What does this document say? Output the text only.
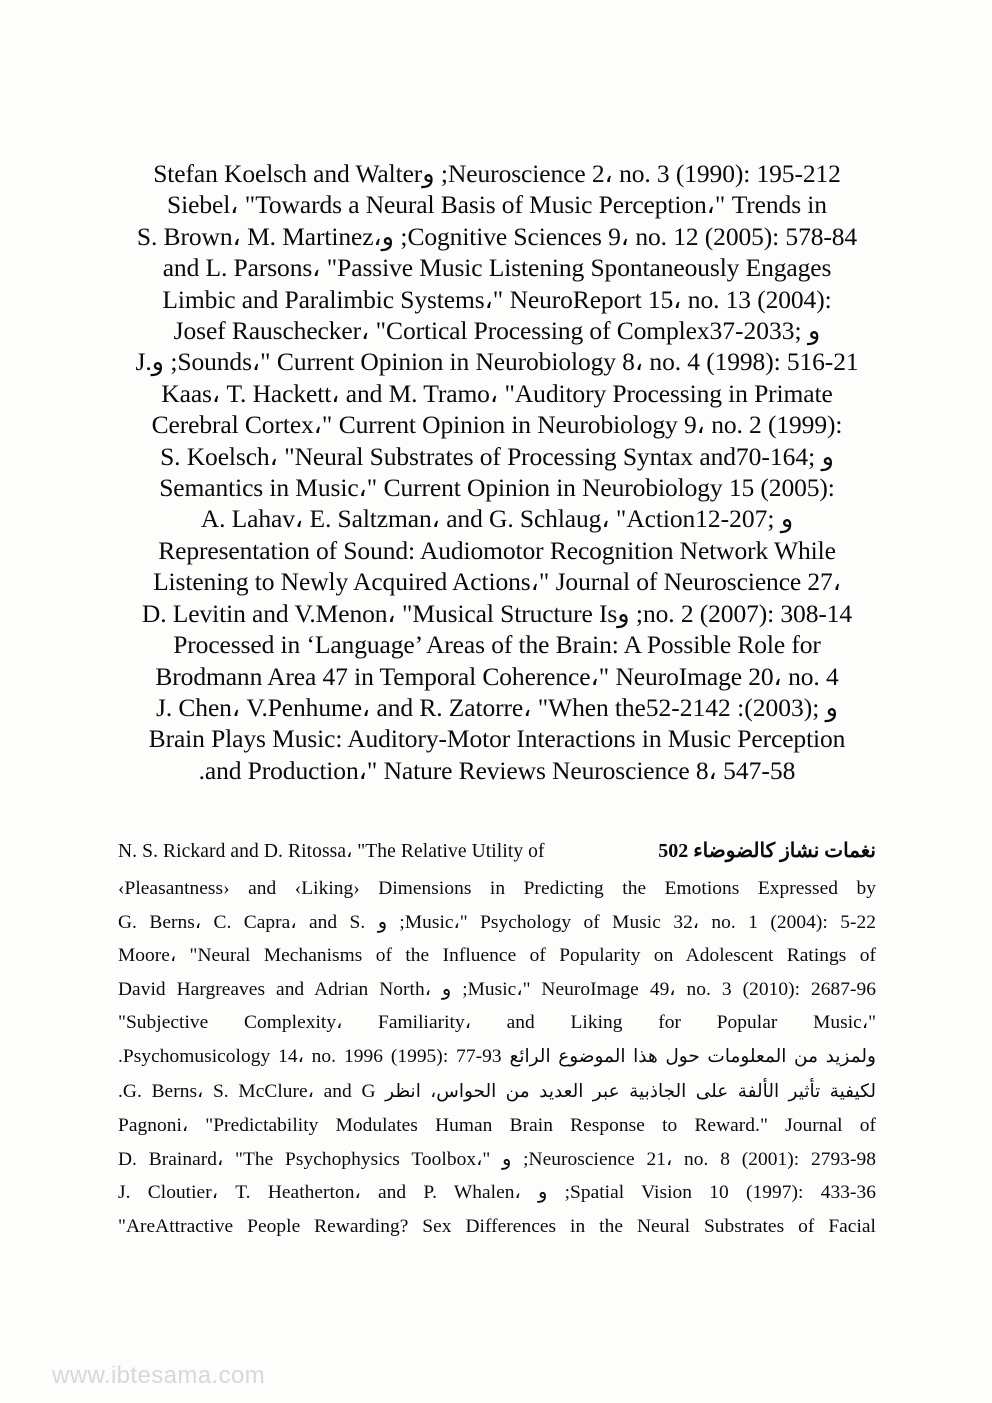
Stefan Koelsch and Walterو ;Neuroscience 2، no. 3 (1990): 195-212
Siebel، "Towards a Neural Basis of Music Perception،" Trends in
S. Brown، M. Martinez،و ;Cognitive Sciences 9، no. 12 (2005): 578-84
and L. Parsons، "Passive Music Listening Spontaneously Engages
Limbic and Paralimbic Systems،" NeuroReport 15، no. 13 (2004):
Josef Rauschecker، "Cortical Processing of Complexو ;2033-37
J.و ;Sounds،" Current Opinion in Neurobiology 8، no. 4 (1998): 516-21
Kaas، T. Hackett، and M. Tramo، "Auditory Processing in Primate
Cerebral Cortex،" Current Opinion in Neurobiology 9، no. 2 (1999):
S. Koelsch، "Neural Substrates of Processing Syntax andو ;164-70
Semantics in Music،" Current Opinion in Neurobiology 15 (2005):
A. Lahav، E. Saltzman، and G. Schlaug، "Actionو ;207-12
Representation of Sound: Audiomotor Recognition Network While
Listening to Newly Acquired Actions،" Journal of Neuroscience 27،
D. Levitin and V.Menon، "Musical Structure Isو ;no. 2 (2007): 308-14
Processed in ‘Language’ Areas of the Brain: A Possible Role for
Brodmann Area 47 in Temporal Coherence،" NeuroImage 20، no. 4
J. Chen، V.Penhume، and R. Zatorre، "When theو ;(2003): 2142-52
Brain Plays Music: Auditory-Motor Interactions in Music Perception
.and Production،" Nature Reviews Neuroscience 8، 547-58
N. S. Rickard and D. Ritossa، "The Relative Utility of	نغمات نشاز كالضوضاء 205
‹Pleasantness› and ‹Liking› Dimensions in Predicting the Emotions Expressed by
G. Berns، C. Capra، and S. و ;Music،" Psychology of Music 32، no. 1 (2004): 5-22
Moore، "Neural Mechanisms of the Influence of Popularity on Adolescent Ratings of
David Hargreaves and Adrian North، و ;Music،" NeuroImage 49، no. 3 (2010): 2687-96
"Subjective Complexity، Familiarity، and Liking for Popular Music،"
ولمزيد من المعلومات حول هذا الموضوع الرائع Psychomusicology 14، no. 1996 (1995): 77-93.
لكيفية تأثير الألفة على الجاذبية عبر العديد من الحواس، انظر G. Berns، S. McClure، and G.
Pagnoni، "Predictability Modulates Human Brain Response to Reward." Journal of
D. Brainard، "The Psychophysics Toolbox،" و ;Neuroscience 21، no. 8 (2001): 2793-98
J. Cloutier، T. Heatherton، and P. Whalen، و ;Spatial Vision 10 (1997): 433-36
"AreAttractive People Rewarding? Sex Differences in the Neural Substrates of Facial
www.ibtesama.com
